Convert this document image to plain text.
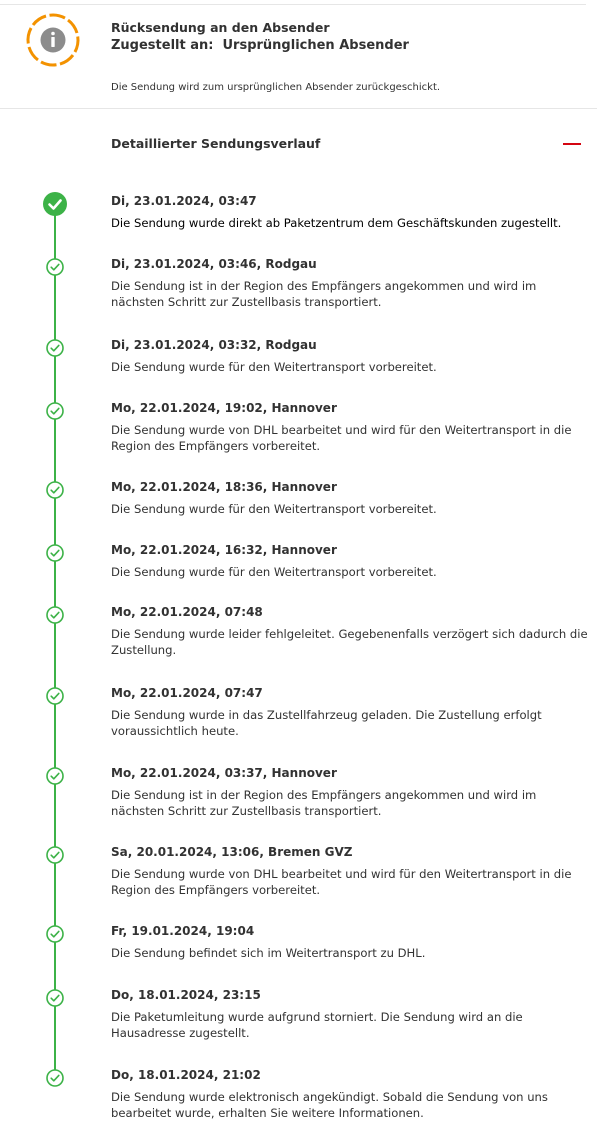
Rücksendung an den Absender
Zugestellt an:  Ursprünglichen Absender
Die Sendung wird zum ursprünglichen Absender zurückgeschickt.
Detaillierter Sendungsverlauf
Di, 23.01.2024, 03:47
Die Sendung wurde direkt ab Paketzentrum dem Geschäftskunden zugestellt.
Di, 23.01.2024, 03:46, Rodgau
Die Sendung ist in der Region des Empfängers angekommen und wird im nächsten Schritt zur Zustellbasis transportiert.
Di, 23.01.2024, 03:32, Rodgau
Die Sendung wurde für den Weitertransport vorbereitet.
Mo, 22.01.2024, 19:02, Hannover
Die Sendung wurde von DHL bearbeitet und wird für den Weitertransport in die Region des Empfängers vorbereitet.
Mo, 22.01.2024, 18:36, Hannover
Die Sendung wurde für den Weitertransport vorbereitet.
Mo, 22.01.2024, 16:32, Hannover
Die Sendung wurde für den Weitertransport vorbereitet.
Mo, 22.01.2024, 07:48
Die Sendung wurde leider fehlgeleitet. Gegebenenfalls verzögert sich dadurch die Zustellung.
Mo, 22.01.2024, 07:47
Die Sendung wurde in das Zustellfahrzeug geladen. Die Zustellung erfolgt voraussichtlich heute.
Mo, 22.01.2024, 03:37, Hannover
Die Sendung ist in der Region des Empfängers angekommen und wird im nächsten Schritt zur Zustellbasis transportiert.
Sa, 20.01.2024, 13:06, Bremen GVZ
Die Sendung wurde von DHL bearbeitet und wird für den Weitertransport in die Region des Empfängers vorbereitet.
Fr, 19.01.2024, 19:04
Die Sendung befindet sich im Weitertransport zu DHL.
Do, 18.01.2024, 23:15
Die Paketumleitung wurde aufgrund storniert. Die Sendung wird an die Hausadresse zugestellt.
Do, 18.01.2024, 21:02
Die Sendung wurde elektronisch angekündigt. Sobald die Sendung von uns bearbeitet wurde, erhalten Sie weitere Informationen.
